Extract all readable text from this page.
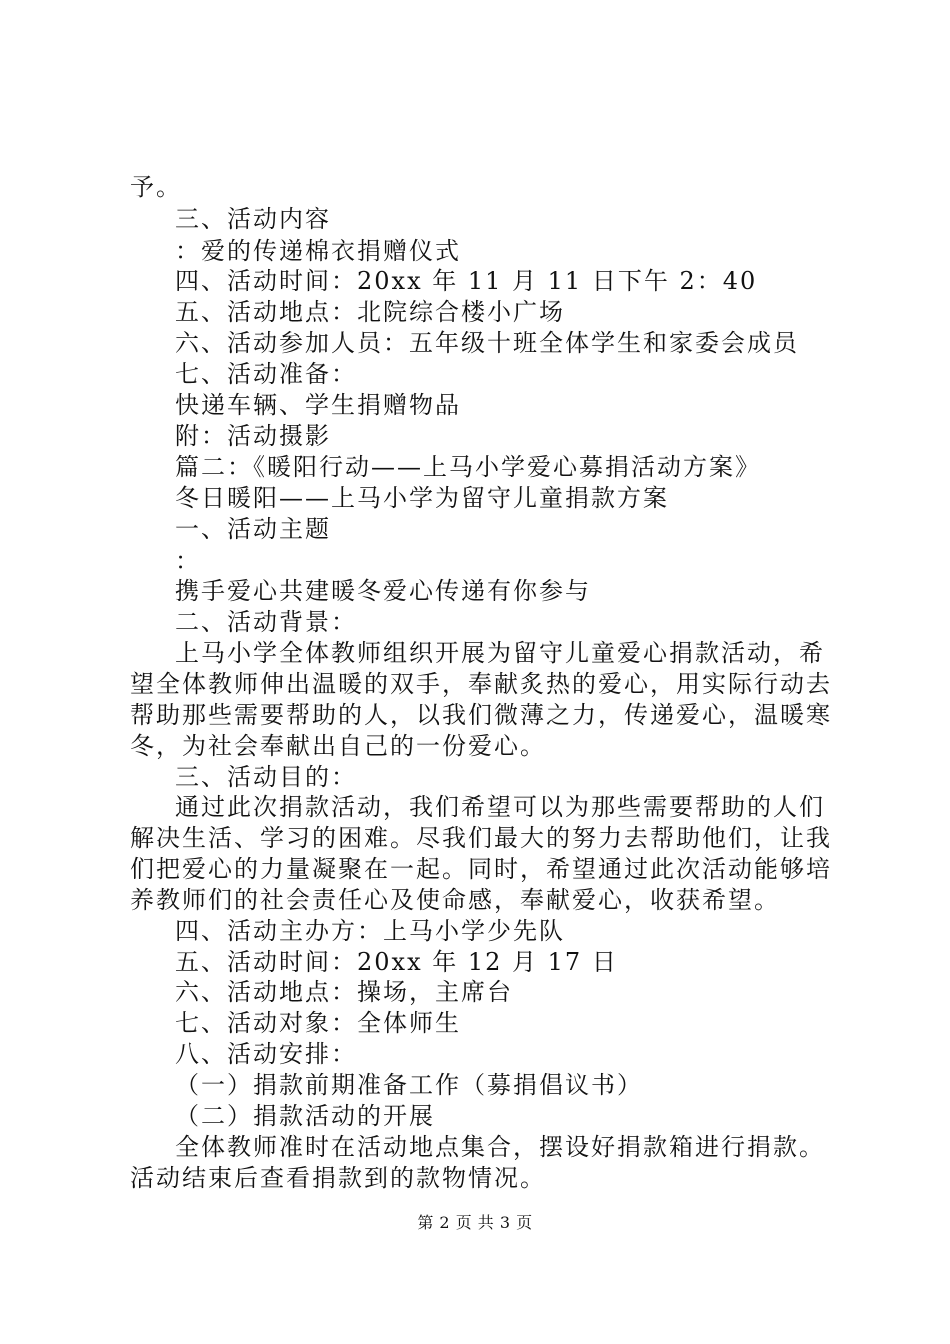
予。
三、活动内容
：爱的传递棉衣捐赠仪式
四、活动时间：20xx 年 11 月 11 日下午 2：40
五、活动地点：北院综合楼小广场
六、活动参加人员：五年级十班全体学生和家委会成员
七、活动准备：
快递车辆、学生捐赠物品
附：活动摄影
篇二：《暖阳行动——上马小学爱心募捐活动方案》
冬日暖阳——上马小学为留守儿童捐款方案
一、活动主题
：
携手爱心共建暖冬爱心传递有你参与
二、活动背景：
上马小学全体教师组织开展为留守儿童爱心捐款活动，希
望全体教师伸出温暖的双手，奉献炙热的爱心，用实际行动去
帮助那些需要帮助的人，以我们微薄之力，传递爱心，温暖寒
冬，为社会奉献出自己的一份爱心。
三、活动目的：
通过此次捐款活动，我们希望可以为那些需要帮助的人们
解决生活、学习的困难。尽我们最大的努力去帮助他们，让我
们把爱心的力量凝聚在一起。同时，希望通过此次活动能够培
养教师们的社会责任心及使命感，奉献爱心，收获希望。
四、活动主办方：上马小学少先队
五、活动时间：20xx 年 12 月 17 日
六、活动地点：操场，主席台
七、活动对象：全体师生
八、活动安排：
（一）捐款前期准备工作（募捐倡议书）
（二）捐款活动的开展
全体教师准时在活动地点集合，摆设好捐款箱进行捐款。
活动结束后查看捐款到的款物情况。
第 2 页 共 3 页
